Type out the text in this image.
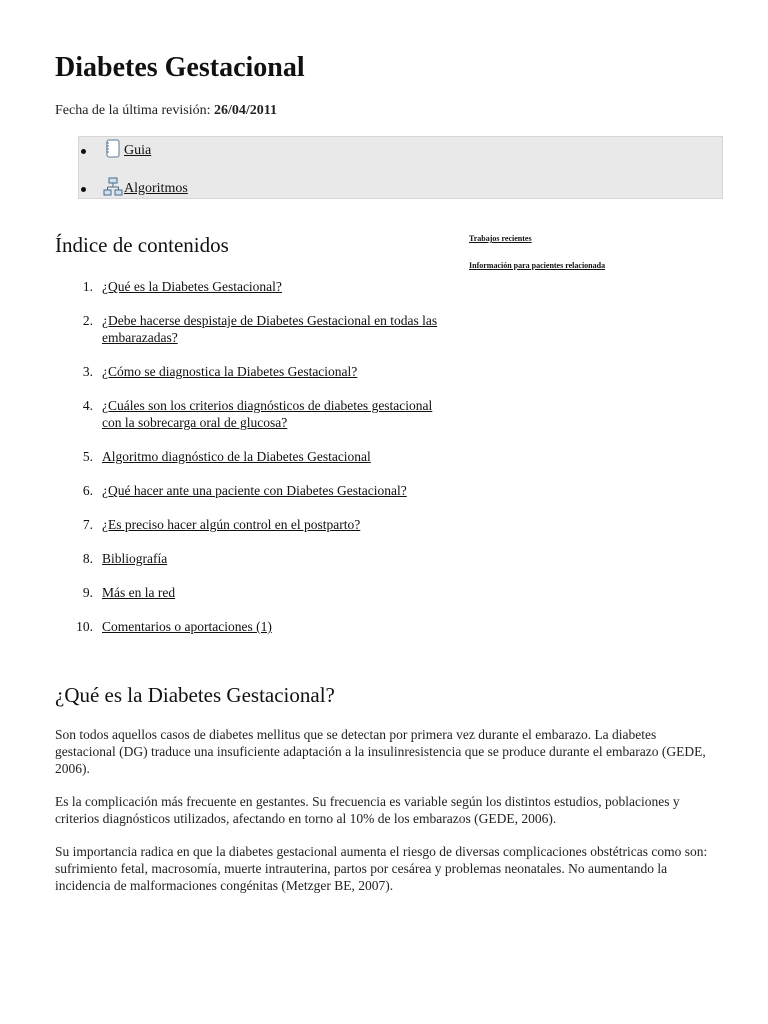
Diabetes Gestacional
Fecha de la última revisión: 26/04/2011
Guia
Algoritmos
Índice de contenidos	Trabajos recientes
Información para pacientes relacionada
1. ¿Qué es la Diabetes Gestacional?
2. ¿Debe hacerse despistaje de Diabetes Gestacional en todas las embarazadas?
3. ¿Cómo se diagnostica la Diabetes Gestacional?
4. ¿Cuáles son los criterios diagnósticos de diabetes gestacional con la sobrecarga oral de glucosa?
5. Algoritmo diagnóstico de la Diabetes Gestacional
6. ¿Qué hacer ante una paciente con Diabetes Gestacional?
7. ¿Es preciso hacer algún control en el postparto?
8. Bibliografía
9. Más en la red
10. Comentarios o aportaciones (1)
¿Qué es la Diabetes Gestacional?

Son todos aquellos casos de diabetes mellitus que se detectan por primera vez durante el embarazo. La diabetes gestacional (DG) traduce una insuficiente adaptación a la insulinresistencia que se produce durante el embarazo (GEDE, 2006).

Es la complicación más frecuente en gestantes. Su frecuencia es variable según los distintos estudios, poblaciones y criterios diagnósticos utilizados, afectando en torno al 10% de los embarazos (GEDE, 2006).

Su importancia radica en que la diabetes gestacional aumenta el riesgo de diversas complicaciones obstétricas como son: sufrimiento fetal, macrosomía, muerte intrauterina, partos por cesárea y problemas neonatales. No aumentando la incidencia de malformaciones congénitas (Metzger BE, 2007).
